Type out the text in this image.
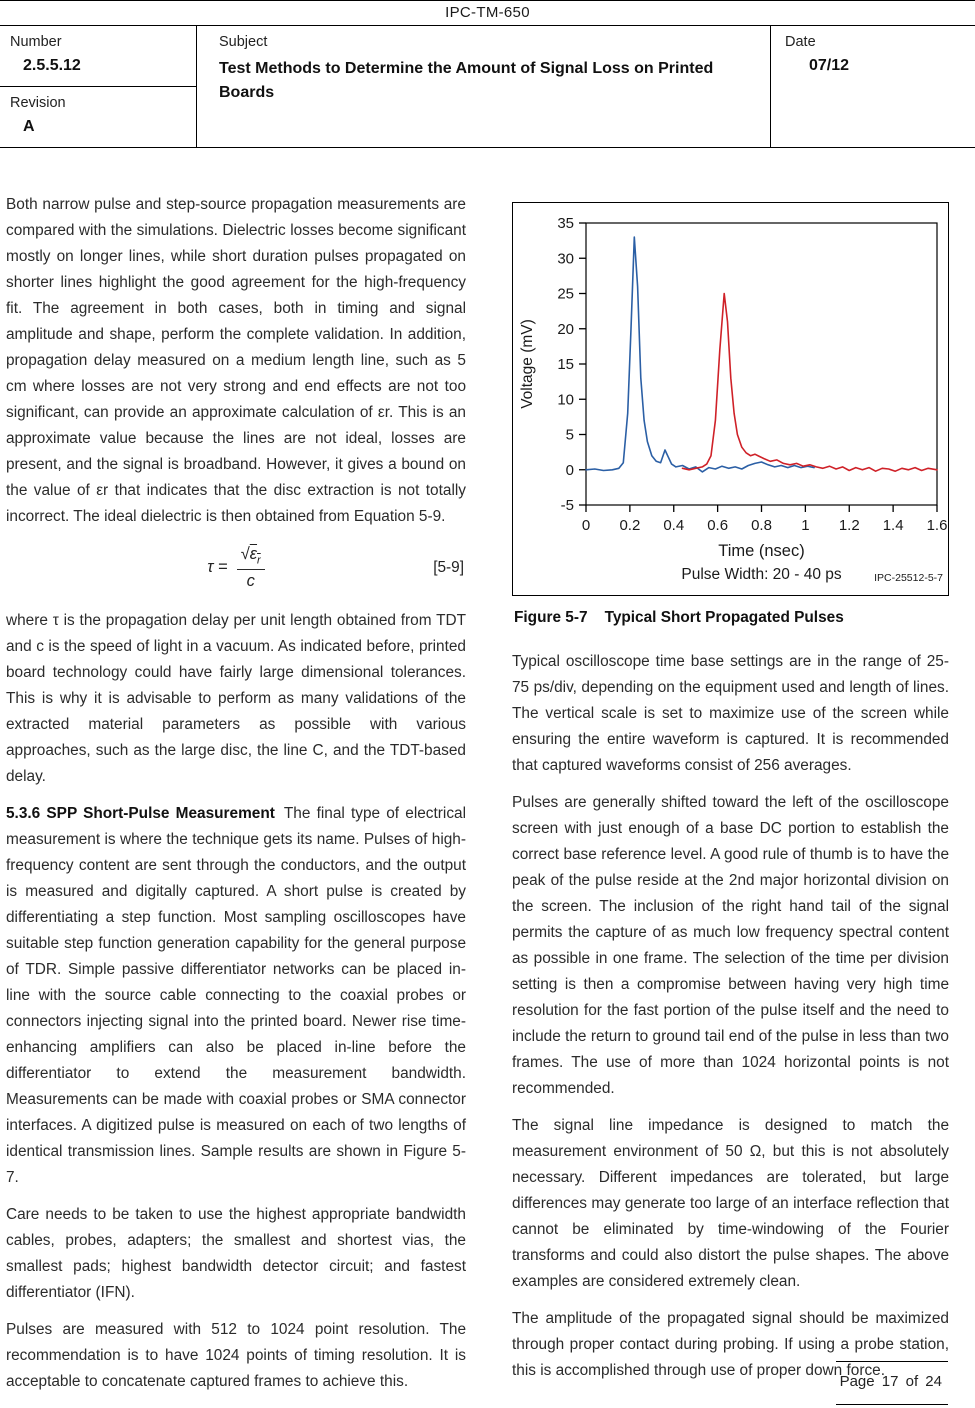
IPC-TM-650
Number
2.5.5.12
Revision
A
Subject
Test Methods to Determine the Amount of Signal Loss on Printed Boards
Date
07/12

Both narrow pulse and step-source propagation measurements are compared with the simulations. Dielectric losses become significant mostly on longer lines, while short duration pulses propagated on shorter lines highlight the good agreement for the high-frequency fit. The agreement in both cases, both in timing and signal amplitude and shape, perform the complete validation. In addition, propagation delay measured on a medium length line, such as 5 cm where losses are not very strong and end effects are not too significant, can provide an approximate calculation of εr. This is an approximate value because the lines are not ideal, losses are present, and the signal is broadband. However, it gives a bound on the value of εr that indicates that the disc extraction is not totally incorrect. The ideal dielectric is then obtained from Equation 5-9.

$\tau = \frac{√\varepsilon_r}{c}$	[5-9]

where τ is the propagation delay per unit length obtained from TDT and c is the speed of light in a vacuum. As indicated before, printed board technology could have fairly large dimensional tolerances. This is why it is advisable to perform as many validations of the extracted material parameters as possible with various approaches, such as the large disc, the line C, and the TDT-based delay.

5.3.6 SPP Short-Pulse Measurement The final type of electrical measurement is where the technique gets its name. Pulses of high-frequency content are sent through the conductors, and the output is measured and digitally captured. A short pulse is created by differentiating a step function. Most sampling oscilloscopes have suitable step function generation capability for the general purpose of TDR. Simple passive differentiator networks can be placed in-line with the source cable connecting to the coaxial probes or connectors injecting signal into the printed board. Newer rise time-enhancing amplifiers can also be placed in-line before the differentiator to extend the measurement bandwidth. Measurements can be made with coaxial probes or SMA connector interfaces. A digitized pulse is measured on each of two lengths of identical transmission lines. Sample results are shown in Figure 5-7.

Care needs to be taken to use the highest appropriate bandwidth cables, probes, adapters; the smallest and shortest vias, the smallest pads; highest bandwidth detector circuit; and fastest differentiator (IFN).

Pulses are measured with 512 to 1024 point resolution. The recommendation is to have 1024 points of timing resolution. It is acceptable to concatenate captured frames to achieve this.

-5
0
5
10
15
20
25
30
35
0 0.2 0.4 0.6 0.8 1 1.2 1.4 1.6
Voltage (mV)
Time (nsec)
Pulse Width: 20 - 40 ps	IPC-25512-5-7
Figure 5-7 Typical Short Propagated Pulses

Typical oscilloscope time base settings are in the range of 25-75 ps/div, depending on the equipment used and length of lines. The vertical scale is set to maximize use of the screen while ensuring the entire waveform is captured. It is recommended that captured waveforms consist of 256 averages.

Pulses are generally shifted toward the left of the oscilloscope screen with just enough of a base DC portion to establish the correct base reference level. A good rule of thumb is to have the peak of the pulse reside at the 2nd major horizontal division on the screen. The inclusion of the right hand tail of the signal permits the capture of as much low frequency spectral content as possible in one frame. The selection of the time per division setting is then a compromise between having very high time resolution for the fast portion of the pulse itself and the need to include the return to ground tail end of the pulse in less than two frames. The use of more than 1024 horizontal points is not recommended.

The signal line impedance is designed to match the measurement environment of 50 Ω, but this is not absolutely necessary. Different impedances are tolerated, but large differences may generate too large of an interface reflection that cannot be eliminated by time-windowing of the Fourier transforms and could also distort the pulse shapes. The above examples are considered extremely clean.

The amplitude of the propagated signal should be maximized through proper contact during probing. If using a probe station, this is accomplished through use of proper down force.

Page 17 of 24
